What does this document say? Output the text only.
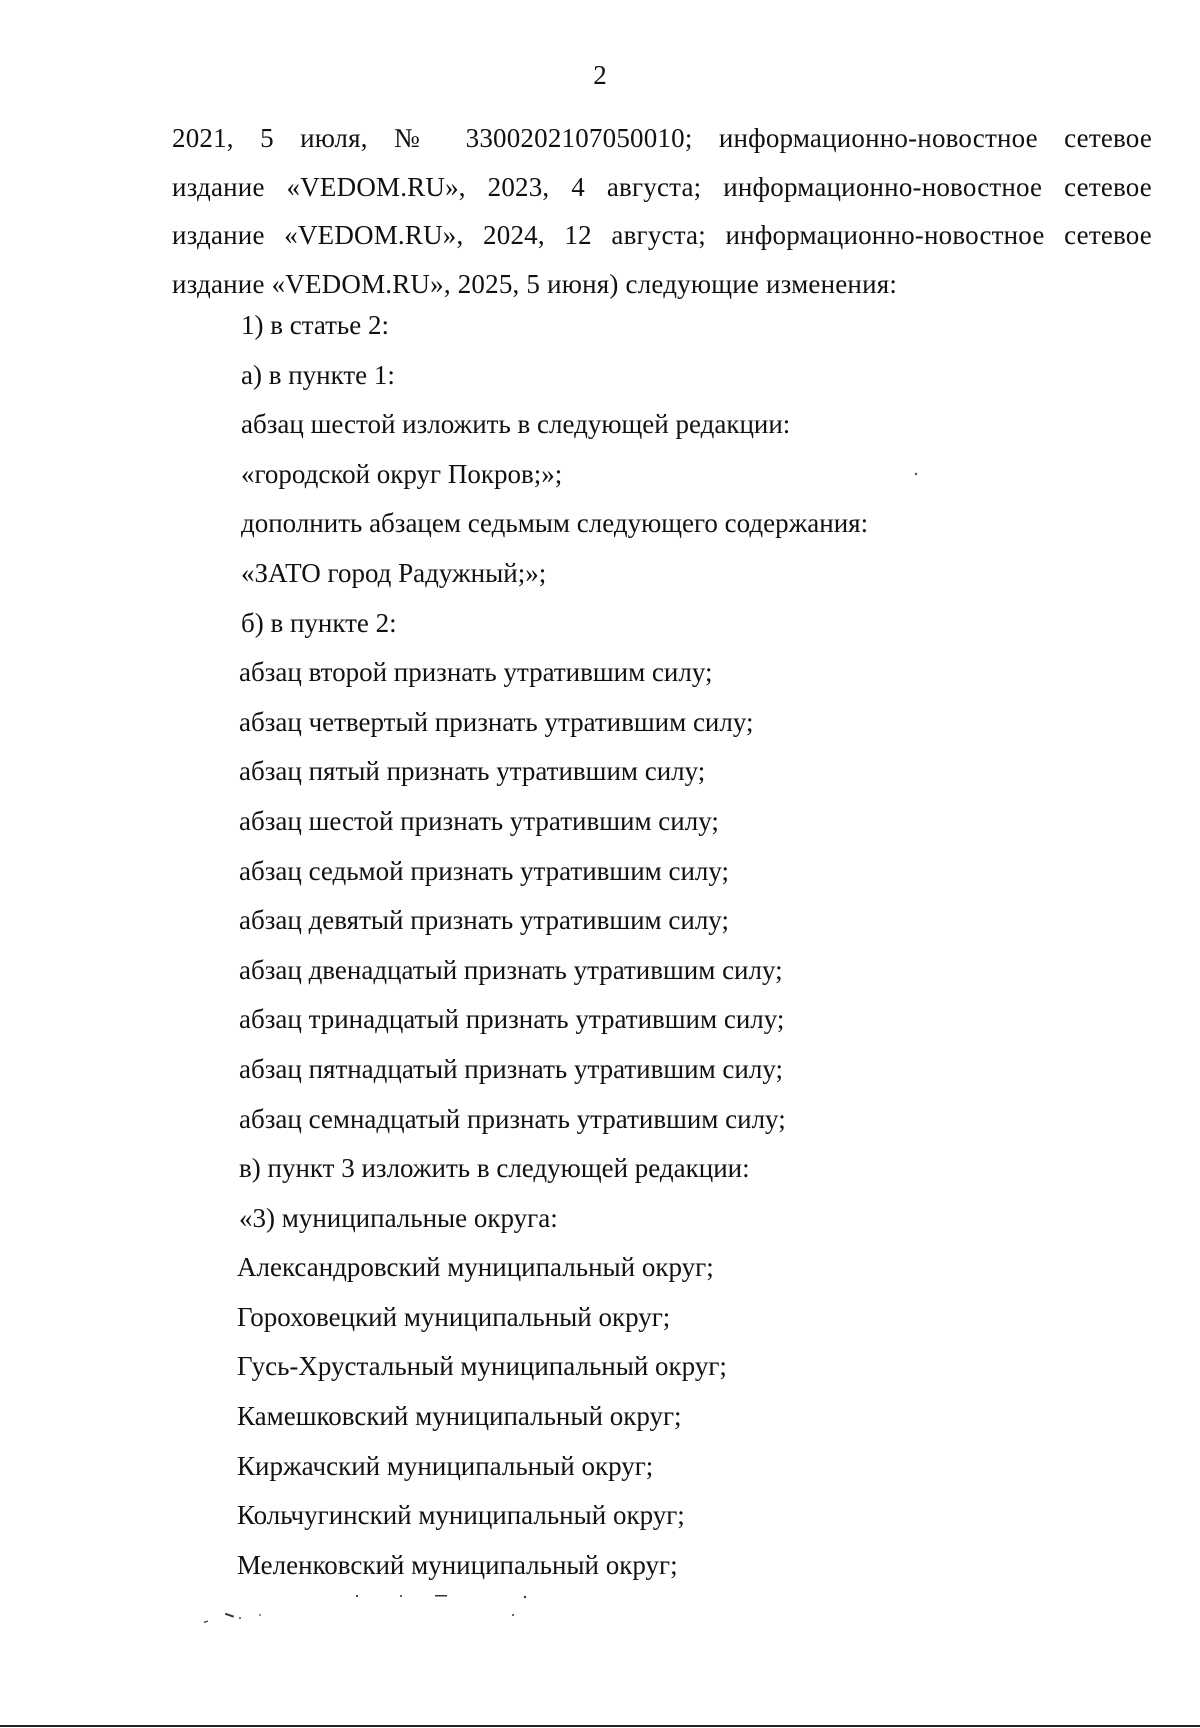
2
2021, 5 июля, № 3300202107050010; информационно-новостное сетевое
издание «VEDOM.RU», 2023, 4 августа; информационно-новостное сетевое
издание «VEDOM.RU», 2024, 12 августа; информационно-новостное сетевое
издание «VEDOM.RU», 2025, 5 июня) следующие изменения:
1) в статье 2:
а) в пункте 1:
абзац шестой изложить в следующей редакции:
«городской округ Покров;»;
дополнить абзацем седьмым следующего содержания:
«ЗАТО город Радужный;»;
б) в пункте 2:
абзац второй признать утратившим силу;
абзац четвертый признать утратившим силу;
абзац пятый признать утратившим силу;
абзац шестой признать утратившим силу;
абзац седьмой признать утратившим силу;
абзац девятый признать утратившим силу;
абзац двенадцатый признать утратившим силу;
абзац тринадцатый признать утратившим силу;
абзац пятнадцатый признать утратившим силу;
абзац семнадцатый признать утратившим силу;
в) пункт 3 изложить в следующей редакции:
«3) муниципальные округа:
Александровский муниципальный округ;
Гороховецкий муниципальный округ;
Гусь-Хрустальный муниципальный округ;
Камешковский муниципальный округ;
Киржачский муниципальный округ;
Кольчугинский муниципальный округ;
Меленковский муниципальный округ;
